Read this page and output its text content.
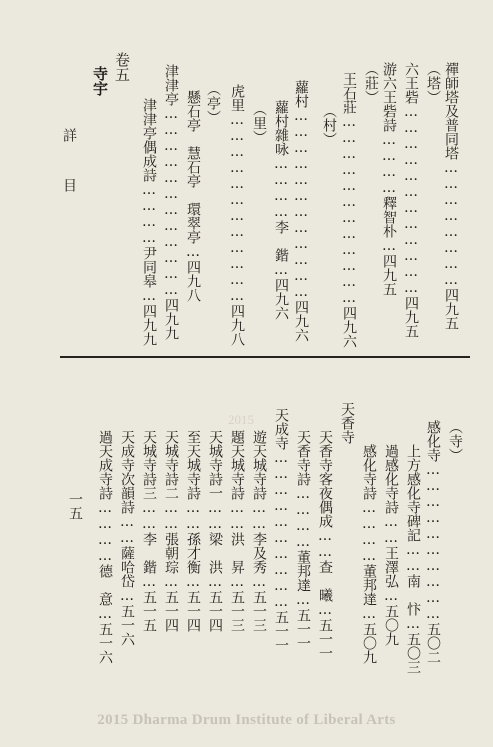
禪師塔及普同塔……………………四九五
（塔）
六王砦………………………………四九五
游六王砦詩…………釋智朴…四九五
（莊）
王石莊………………………………四九六
（村）
蘿村………………………………四九六
蘿村雜咏…………李　鍇…四九六
（里）
虎里………………………………四九八
（亭）
懸石亭　慧石亭　環翠亭…四九八
津津亭………………………………四九九
津津亭偶成詩…………尹同皋…四九九
卷五
寺宇
詳
目
（寺）
感化寺…………………………五〇二
上方感化寺碑記……南　忭…五〇三
過感化寺詩……王澤弘…五〇九
感化寺詩…………董邦達…五〇九
天香寺
天香寺客夜偶成……查　曦…五一一
天香寺詩…………董邦達…五一一
天成寺…………………………五一一
遊天城寺詩……李及秀…五一三
題天城寺詩……洪　昇…五一三
天城寺詩一……梁　洪…五一四
至天城寺詩……孫才衡…五一四
天城寺詩二……張朝琮…五一四
天城寺詩三……李　鍇…五一五
天成寺次韻詩……薩哈岱…五一六
過天成寺詩…………德　意…五一六
一五
2015
2015 Dharma Drum Institute of Liberal Arts
